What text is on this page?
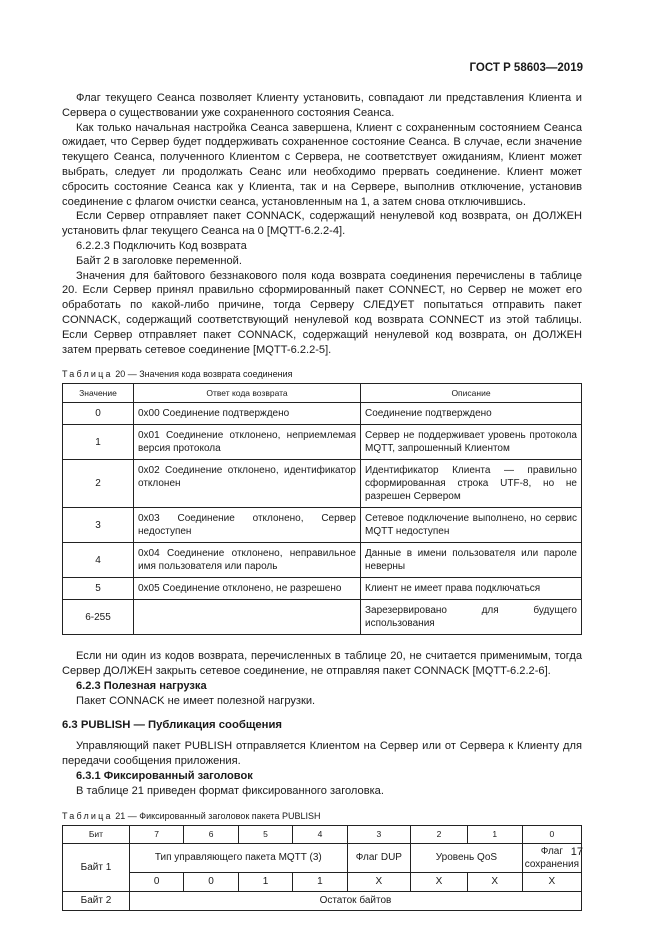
ГОСТ Р 58603—2019

Флаг текущего Сеанса позволяет Клиенту установить, совпадают ли представления Клиента и Сервера о существовании уже сохраненного состояния Сеанса.

Как только начальная настройка Сеанса завершена, Клиент с сохраненным состоянием Сеанса ожидает, что Сервер будет поддерживать сохраненное состояние Сеанса. В случае, если значение текущего Сеанса, полученного Клиентом с Сервера, не соответствует ожиданиям, Клиент может выбрать, следует ли продолжать Сеанс или необходимо прервать соединение. Клиент может сбросить состояние Сеанса как у Клиента, так и на Сервере, выполнив отключение, установив соединение с флагом очистки сеанса, установленным на 1, а затем снова отключившись.

Если Сервер отправляет пакет CONNACK, содержащий ненулевой код возврата, он ДОЛЖЕН установить флаг текущего Сеанса на 0 [MQTT-6.2.2-4].

6.2.2.3 Подключить Код возврата

Байт 2 в заголовке переменной.

Значения для байтового беззнакового поля кода возврата соединения перечислены в таблице 20. Если Сервер принял правильно сформированный пакет CONNECT, но Сервер не может его обработать по какой-либо причине, тогда Серверу СЛЕДУЕТ попытаться отправить пакет CONNACK, содержащий соответствующий ненулевой код возврата CONNECT из этой таблицы. Если Сервер отправляет пакет CONNACK, содержащий ненулевой код возврата, он ДОЛЖЕН затем прервать сетевое соединение [MQTT-6.2.2-5].

Таблица 20 — Значения кода возврата соединения
Значение	Ответ кода возврата	Описание
0	0x00 Соединение подтверждено	Соединение подтверждено
1	0x01 Соединение отклонено, неприемлемая версия протокола	Сервер не поддерживает уровень протокола MQTT, запрошенный Клиентом
2	0x02 Соединение отклонено, идентификатор отклонен	Идентификатор Клиента — правильно сформированная строка UTF-8, но не разрешен Сервером
3	0x03 Соединение отклонено, Сервер недоступен	Сетевое подключение выполнено, но сервис MQTT недоступен
4	0x04 Соединение отклонено, неправильное имя пользователя или пароль	Данные в имени пользователя или пароле неверны
5	0x05 Соединение отклонено, не разрешено	Клиент не имеет права подключаться
6-255		Зарезервировано для будущего использования

Если ни один из кодов возврата, перечисленных в таблице 20, не считается применимым, тогда Сервер ДОЛЖЕН закрыть сетевое соединение, не отправляя пакет CONNACK [MQTT-6.2.2-6].

6.2.3 Полезная нагрузка

Пакет CONNACK не имеет полезной нагрузки.

6.3 PUBLISH — Публикация сообщения

Управляющий пакет PUBLISH отправляется Клиентом на Сервер или от Сервера к Клиенту для передачи сообщения приложения.

6.3.1 Фиксированный заголовок

В таблице 21 приведен формат фиксированного заголовка.

Таблица 21 — Фиксированный заголовок пакета PUBLISH
Бит	7	6	5	4	3	2	1	0
Байт 1	Тип управляющего пакета MQTT (3)				Флаг DUP	Уровень QoS		Флаг сохранения
	0	0	1	1	X	X	X	X
Байт 2	Остаток байтов							
17
